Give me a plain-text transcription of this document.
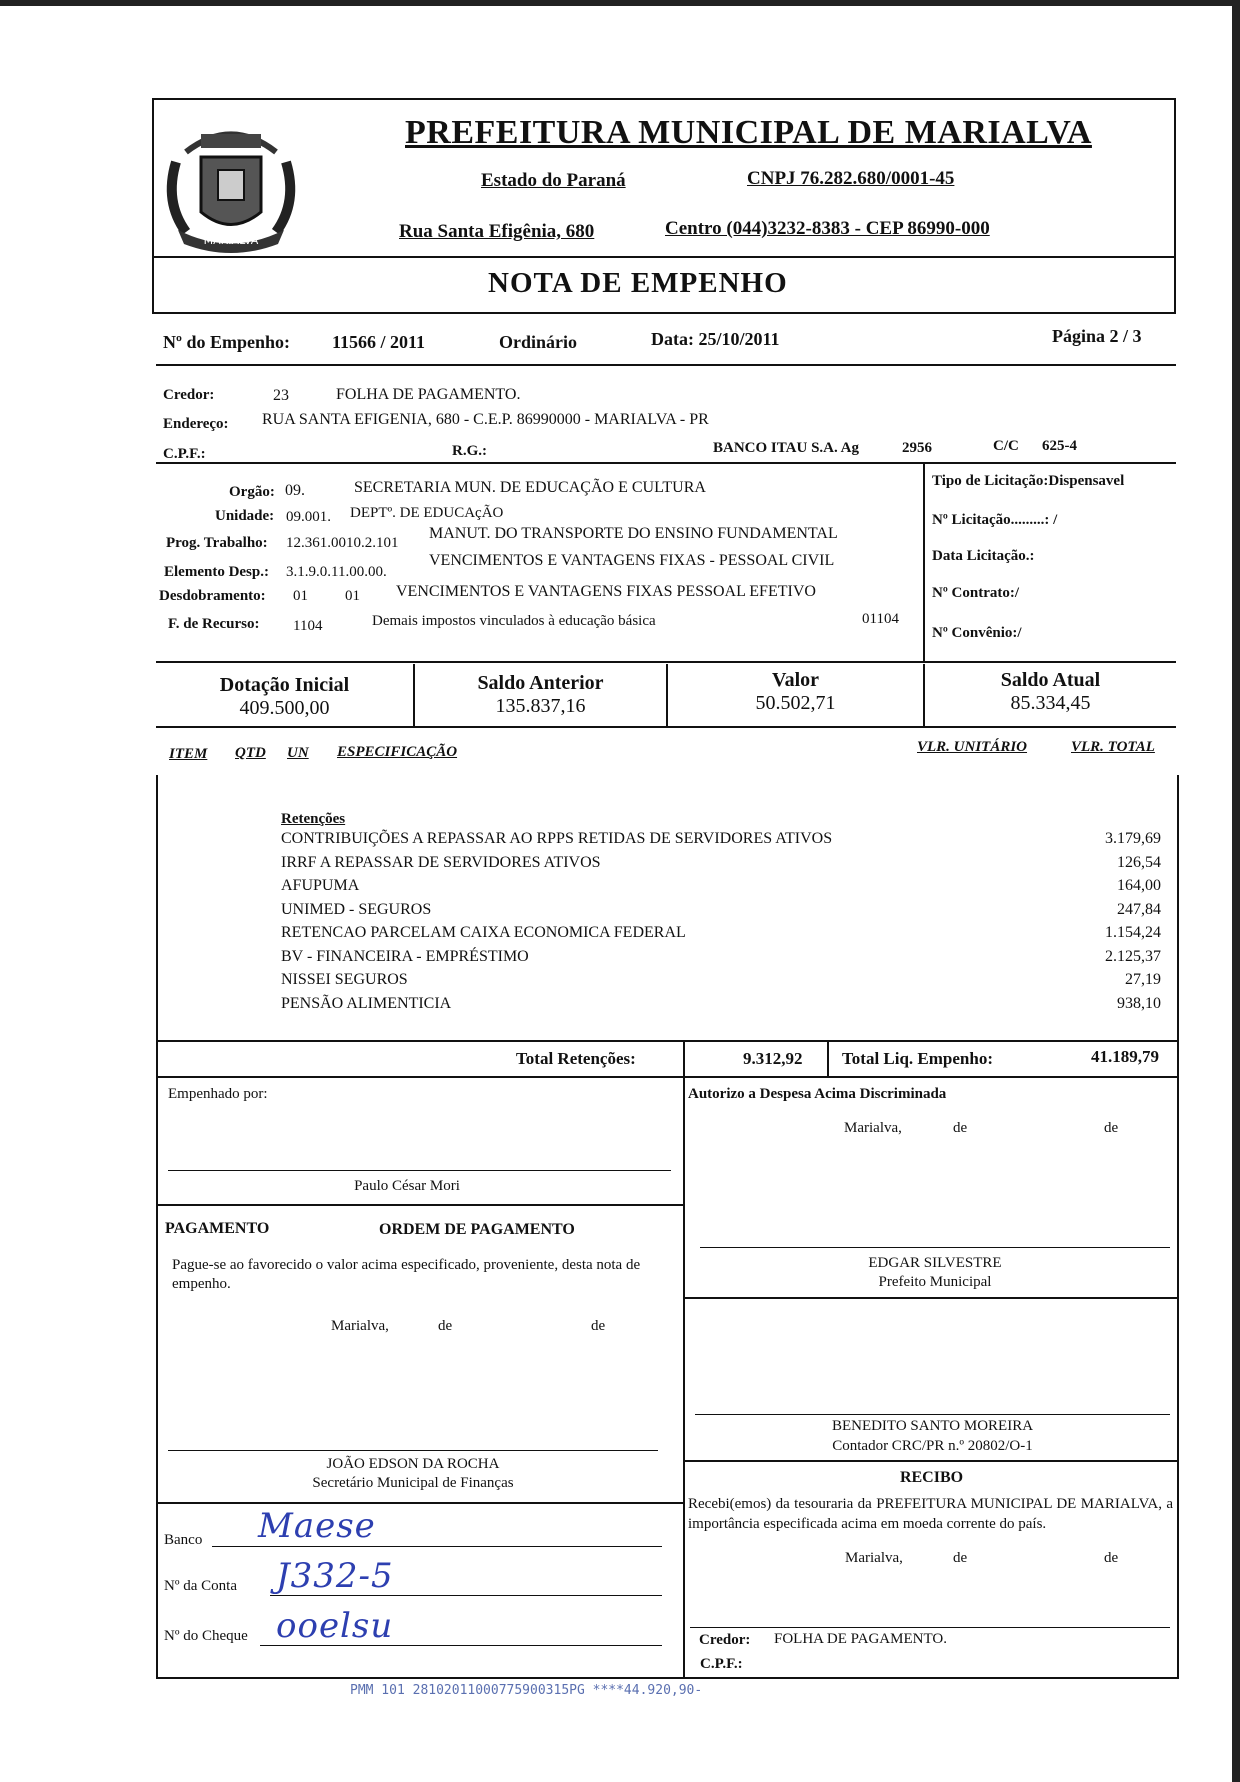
MARIALVA
PREFEITURA MUNICIPAL DE MARIALVA
Estado do Paraná	CNPJ 76.282.680/0001-45
Rua Santa Efigênia, 680	Centro (044)3232-8383 - CEP 86990-000
NOTA DE EMPENHO
Nº do Empenho: 11566 / 2011	Ordinário	Data: 25/10/2011	Página 2 / 3
Credor:	23	FOLHA DE PAGAMENTO.
Endereço: RUA SANTA EFIGENIA, 680 - C.E.P. 86990000 - MARIALVA - PR
C.P.F.:	R.G.:	BANCO ITAU S.A. Ag	2956	C/C 625-4
Orgão: 09.	SECRETARIA MUN. DE EDUCAÇÃO E CULTURA
Unidade: 09.001. DEPTº. DE EDUCAçÃO
Prog. Trabalho: 12.361.0010.2.101
MANUT. DO TRANSPORTE DO ENSINO FUNDAMENTAL
Elemento Desp.: 3.1.9.0.11.00.00.
VENCIMENTOS E VANTAGENS FIXAS - PESSOAL CIVIL
Desdobramento: 01 01 VENCIMENTOS E VANTAGENS FIXAS PESSOAL EFETIVO
F. de Recurso: 1104	Demais impostos vinculados à educação básica	01104
Tipo de Licitação:Dispensavel
Nº Licitação.........: /
Data Licitação.:
Nº Contrato:/
Nº Convênio:/
Dotação Inicial
409.500,00
Saldo Anterior
135.837,16
Valor
50.502,71
Saldo Atual
85.334,45
ITEM QTD UN ESPECIFICAÇÃO	VLR. UNITÁRIO	VLR. TOTAL
Retenções
CONTRIBUIÇÕES A REPASSAR AO RPPS RETIDAS DE SERVIDORES ATIVOS	3.179,69
IRRF A REPASSAR DE SERVIDORES ATIVOS	126,54
AFUPUMA	164,00
UNIMED - SEGUROS	247,84
RETENCAO PARCELAM CAIXA ECONOMICA FEDERAL	1.154,24
BV - FINANCEIRA - EMPRÉSTIMO	2.125,37
NISSEI SEGUROS	27,19
PENSÃO ALIMENTICIA	938,10
Total Retenções:	9.312,92 Total Liq. Empenho:	41.189,79
Empenhado por:
Paulo César Mori
PAGAMENTO	ORDEM DE PAGAMENTO
Pague-se ao favorecido o valor acima especificado, proveniente, desta nota de empenho.
Marialva,	de	de
JOÃO EDSON DA ROCHA
Secretário Municipal de Finanças
Banco Maese
Nº da Conta J332-5
Nº do Cheque ooelsu
Autorizo a Despesa Acima Discriminada
Marialva,	de	de
EDGAR SILVESTRE
Prefeito Municipal
BENEDITO SANTO MOREIRA
Contador CRC/PR n.º 20802/O-1
RECIBO
Recebi(emos) da tesouraria da PREFEITURA MUNICIPAL DE MARIALVA, a importância especificada acima em moeda corrente do país.
Marialva,	de	de
Credor: FOLHA DE PAGAMENTO.
C.P.F.:
PMM 101 28102011000775900315PG ****44.920,90-
